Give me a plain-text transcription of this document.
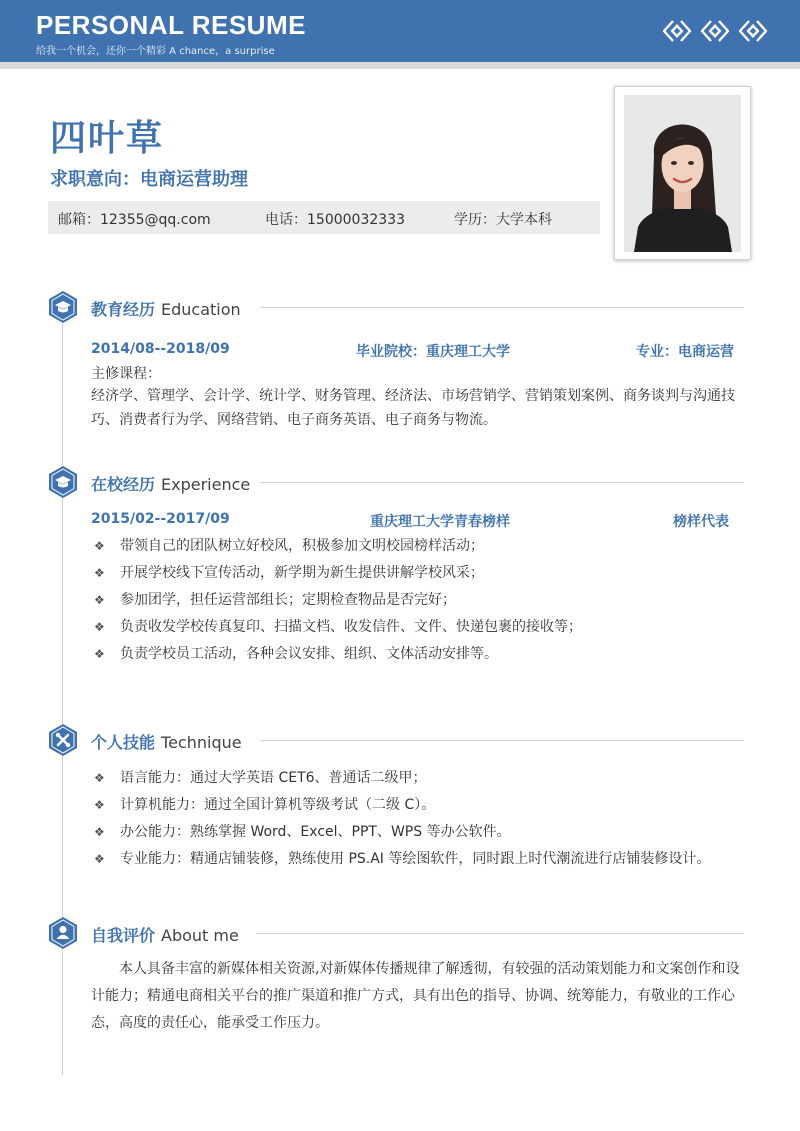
PERSONAL RESUME
给我一个机会，还你一个精彩 A chance，a surprise
四叶草
求职意向：电商运营助理
邮箱：12355@qq.com	电话：15000032333	学历：大学本科
教育经历 Education
2014/08--2018/09	毕业院校：重庆理工大学	专业：电商运营
主修课程：
经济学、管理学、会计学、统计学、财务管理、经济法、市场营销学、营销策划案例、商务谈判与沟通技巧、消费者行为学、网络营销、电子商务英语、电子商务与物流。
在校经历 Experience
2015/02--2017/09	重庆理工大学青春榜样	榜样代表
❖ 带领自己的团队树立好校风，积极参加文明校园榜样活动；
❖ 开展学校线下宣传活动，新学期为新生提供讲解学校风采；
❖ 参加团学，担任运营部组长；定期检查物品是否完好；
❖ 负责收发学校传真复印、扫描文档、收发信件、文件、快递包裹的接收等；
❖ 负责学校员工活动，各种会议安排、组织、文体活动安排等。
个人技能 Technique
❖ 语言能力：通过大学英语 CET6、普通话二级甲；
❖ 计算机能力：通过全国计算机等级考试（二级 C）。
❖ 办公能力：熟练掌握 Word、Excel、PPT、WPS 等办公软件。
❖ 专业能力：精通店铺装修，熟练使用 PS.AI 等绘图软件，同时跟上时代潮流进行店铺装修设计。
自我评价 About me
本人具备丰富的新媒体相关资源,对新媒体传播规律了解透彻，有较强的活动策划能力和文案创作和设计能力；精通电商相关平台的推广渠道和推广方式，具有出色的指导、协调、统筹能力，有敬业的工作心态，高度的责任心，能承受工作压力。
